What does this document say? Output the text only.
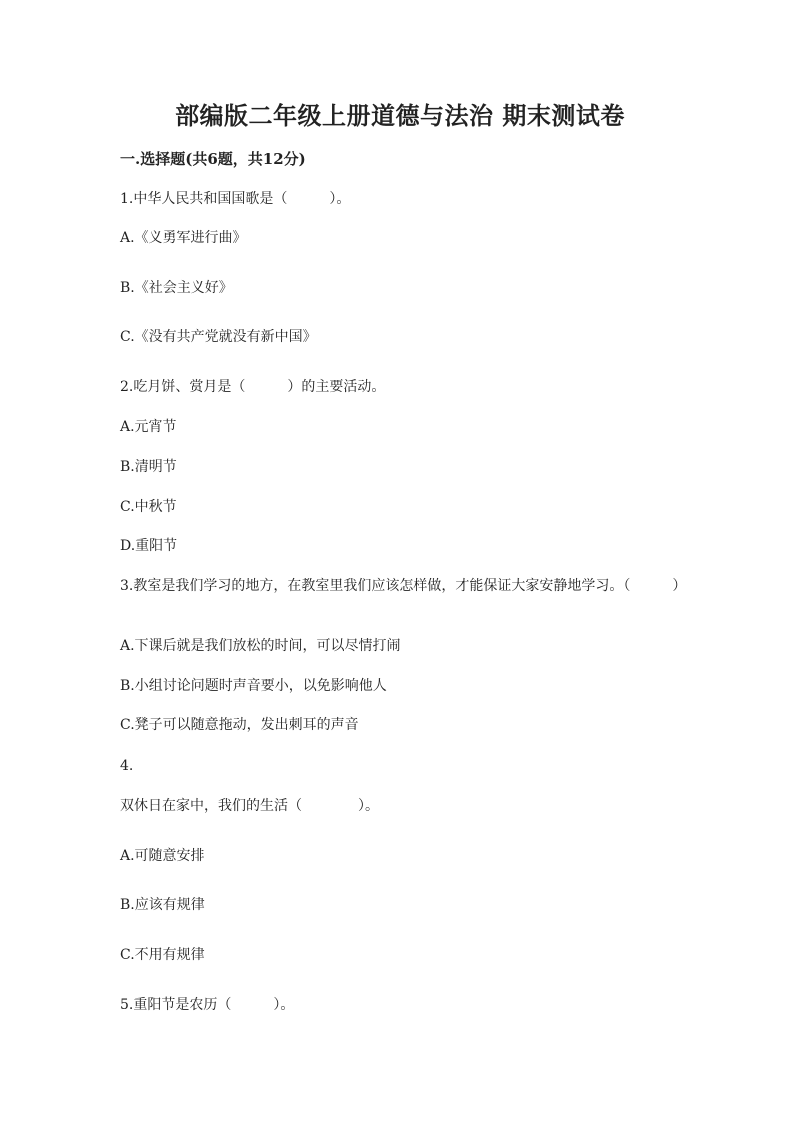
部编版二年级上册道德与法治 期末测试卷
一.选择题(共6题，共12分)

1.中华人民共和国国歌是（　　　）。

A.《义勇军进行曲》

B.《社会主义好》

C.《没有共产党就没有新中国》

2.吃月饼、赏月是（　　　）的主要活动。

A.元宵节

B.清明节

C.中秋节

D.重阳节

3.教室是我们学习的地方，在教室里我们应该怎样做，才能保证大家安静地学习。（　　　）

A.下课后就是我们放松的时间，可以尽情打闹

B.小组讨论问题时声音要小，以免影响他人

C.凳子可以随意拖动，发出刺耳的声音

4.

双休日在家中，我们的生活（　　　　）。

A.可随意安排

B.应该有规律

C.不用有规律

5.重阳节是农历（　　　）。
